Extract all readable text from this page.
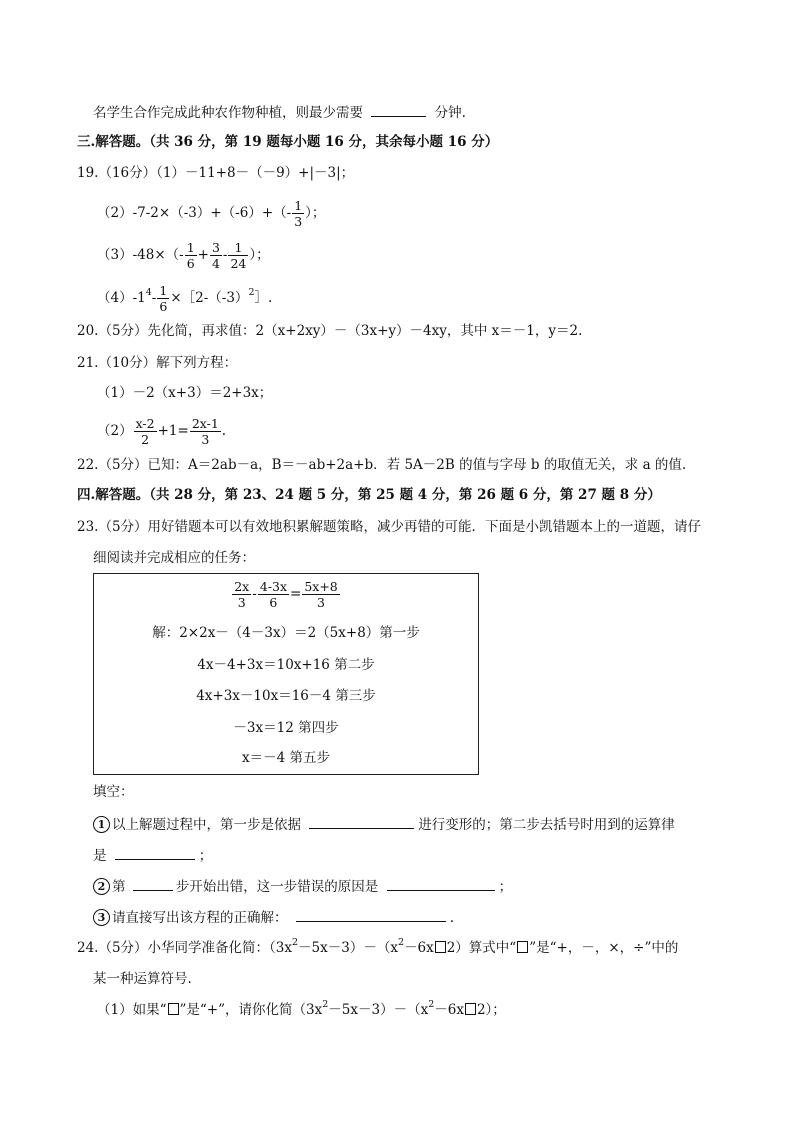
名学生合作完成此种农作物种植，则最少需要	分钟.
三.解答题。（共 36 分，第 19 题每小题 16 分，其余每小题 16 分）
19.（16分）（1）－11+8－（－9）+|－3|；
$(2)-7-2\times(-3)+(-6)+(- \frac{1}{3}$ ）；
$(3)-48\times(- \frac{1}{6} + \frac{3}{4} - \frac{1}{24}$ ）；
$(4)-1^4- \frac{1}{6}$ $\times[2-(-3)^2]$.
20.（5分）先化简，再求值：2（x+2xy）－（3x+y）－4xy，其中 x＝－1，y＝2.
21.（10分）解下列方程：
（1）－2（x+3）＝2+3x；
$(2) \frac{x-2}{2} +1= \frac{2x-1}{3}$ .
22.（5分）已知：A＝2ab－a，B＝－ab+2a+b．若 5A－2B 的值与字母 b 的取值无关，求 a 的值.
四.解答题。（共 28 分，第 23、24 题 5 分，第 25 题 4 分，第 26 题 6 分，第 27 题 8 分）
23.（5分）用好错题本可以有效地积累解题策略，减少再错的可能．下面是小凯错题本上的一道题，请仔
细阅读并完成相应的任务：
$\frac{2x}{3} - \frac{4-3x}{6} = \frac{5x+8}{3}$
解：2×2x－（4－3x）＝2（5x+8）第一步
4x－4+3x＝10x+16 第二步
4x+3x－10x＝16－4 第三步
－3x＝12 第四步
x＝－4 第五步
填空：
1 以上解题过程中，第一步是依据	进行变形的；第二步去括号时用到的运算律
是	；
2 第	步开始出错，这一步错误的原因是	；
3 请直接写出该方程的正确解：	.
24.（5分）小华同学准备化简：$(3x^2-5x-3)-(x^2-6x$ 2）算式中“ ”是“+，－，×，÷”中的
某一种运算符号.
（1）如果“ ”是“+”，请你化简$(3x^2-5x-3)-(x^2-6x$ 2）；
